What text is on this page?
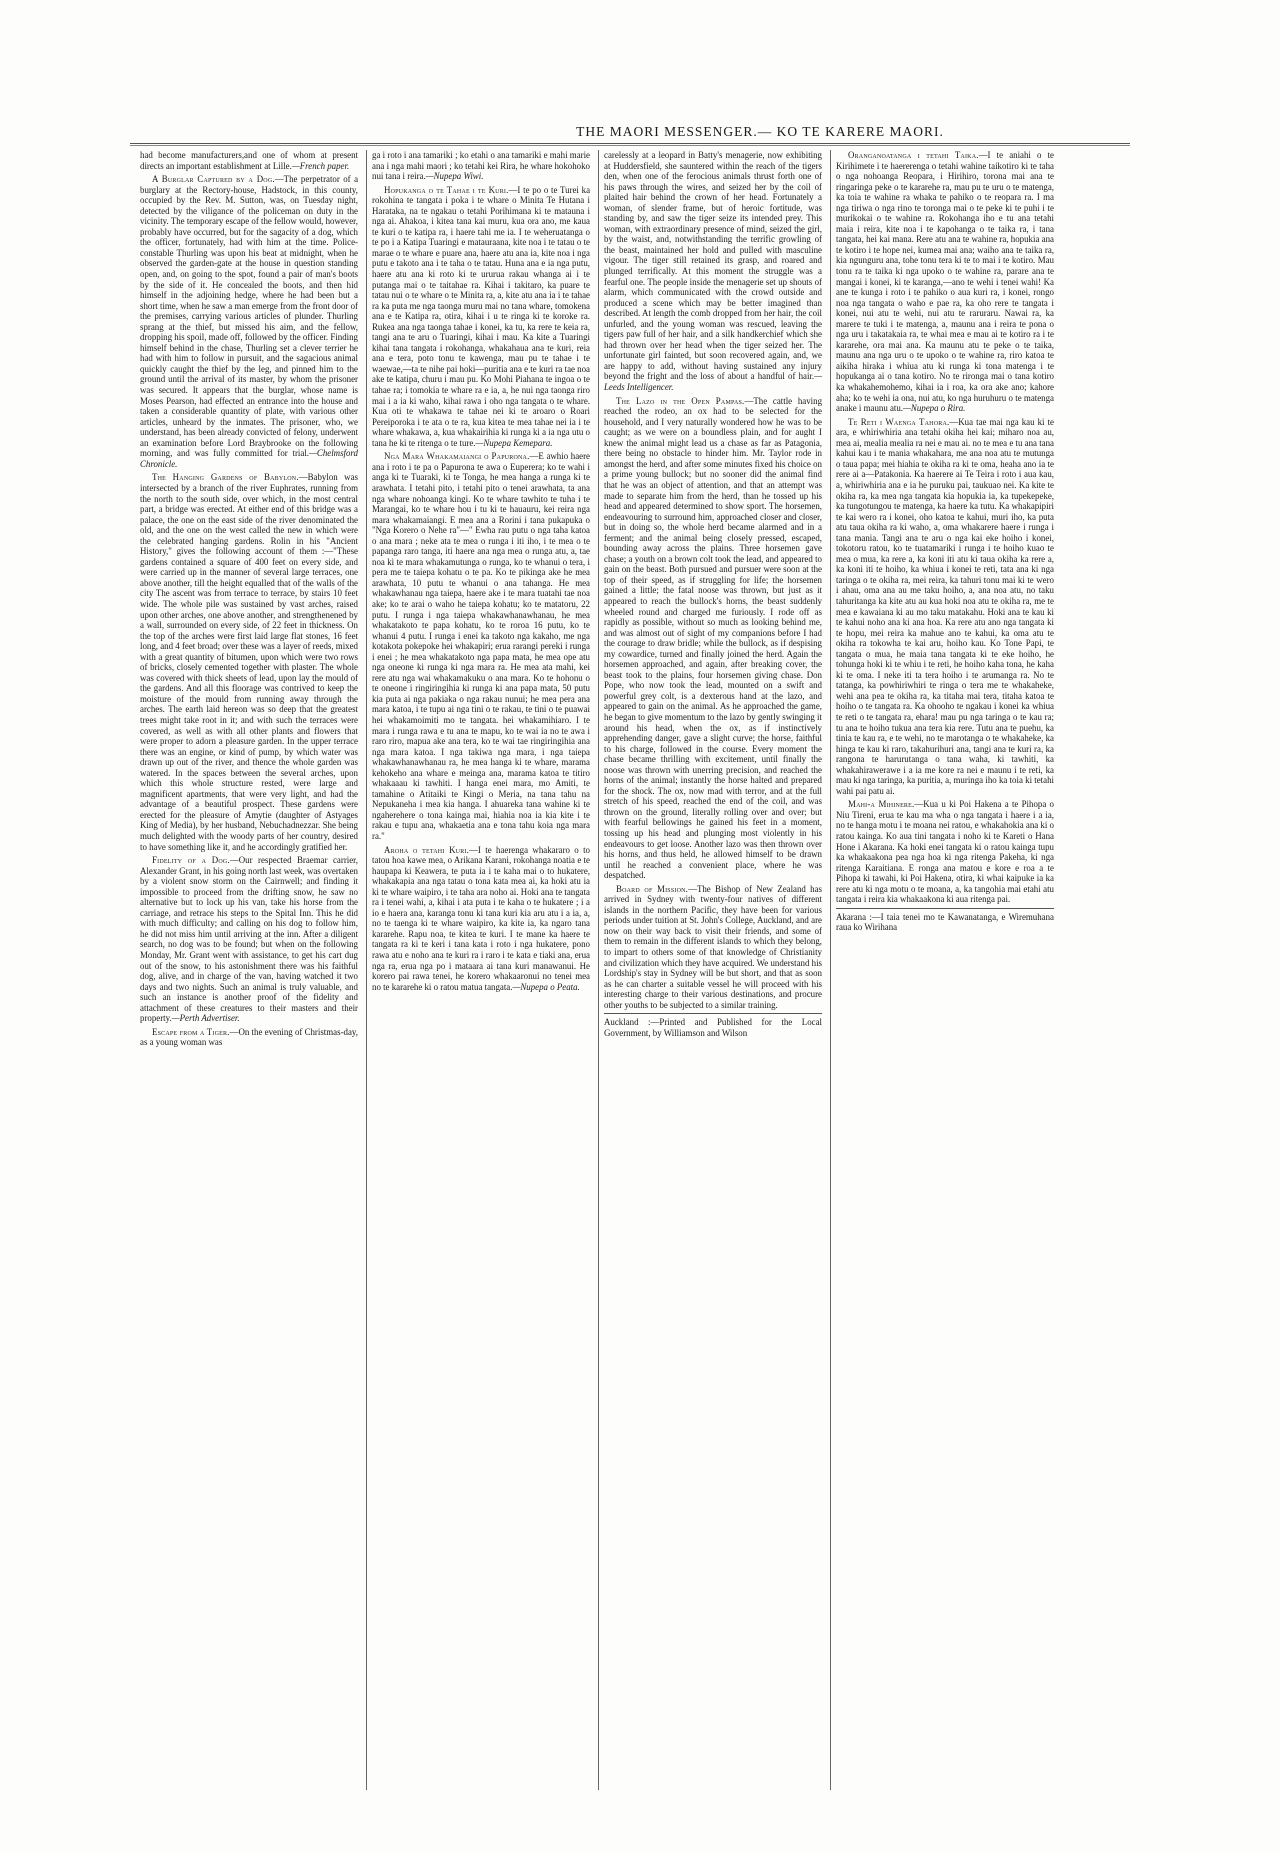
THE MAORI MESSENGER.— KO TE KARERE MAORI.

had become manufacturers,and one of whom at present directs an important establishment at Lille.—French paper.

A Burglar Captured by a Dog.—The perpetrator of a burglary at the Rectory-house, Hadstock, in this county, occupied by the Rev. M. Sutton, was, on Tuesday night, detected by the viligance of the policeman on duty in the vicinity. The temporary escape of the fellow would, however, probably have occurred, but for the sagacity of a dog, which the officer, fortunately, had with him at the time. Police-constable Thurling was upon his beat at midnight, when he observed the garden-gate at the house in question standing open, and, on going to the spot, found a pair of man's boots by the side of it. He concealed the boots, and then hid himself in the adjoining hedge, where he had been but a short time, when he saw a man emerge from the front door of the premises, carrying various articles of plunder. Thurling sprang at the thief, but missed his aim, and the fellow, dropping his spoil, made off, followed by the officer. Finding himself behind in the chase, Thurling set a clever terrier he had with him to follow in pursuit, and the sagacious animal quickly caught the thief by the leg, and pinned him to the ground until the arrival of its master, by whom the prisoner was secured. It appears that the burglar, whose name is Moses Pearson, had effected an entrance into the house and taken a considerable quantity of plate, with various other articles, unheard by the inmates. The prisoner, who, we understand, has been already convicted of felony, underwent an examination before Lord Braybrooke on the following morning, and was fully committed for trial.—Chelmsford Chronicle.

The Hanging Gardens of Babylon.—Babylon was intersected by a branch of the river Euphrates, running from the north to the south side, over which, in the most central part, a bridge was erected. At either end of this bridge was a palace, the one on the east side of the river denominated the old, and the one on the west called the new in which were the celebrated hanging gardens. Rolin in his "Ancient History," gives the following account of them :—"These gardens contained a square of 400 feet on every side, and were carried up in the manner of several large terraces, one above another, till the height equalled that of the walls of the city The ascent was from terrace to terrace, by stairs 10 feet wide. The whole pile was sustained by vast arches, raised upon other arches, one above another, and strengthenened by a wall, surrounded on every side, of 22 feet in thickness. On the top of the arches were first laid large flat stones, 16 feet long, and 4 feet broad; over these was a layer of reeds, mixed with a great quantity of bitumen, upon which were two rows of bricks, closely cemented together with plaster. The whole was covered with thick sheets of lead, upon lay the mould of the gardens. And all this floorage was contrived to keep the moisture of the mould from running away through the arches. The earth laid hereon was so deep that the greatest trees might take root in it; and with such the terraces were covered, as well as with all other plants and flowers that were proper to adorn a pleasure garden. In the upper terrace there was an engine, or kind of pump, by which water was drawn up out of the river, and thence the whole garden was watered. In the spaces between the several arches, upon which this whole structure rested, were large and magnificent apartments, that were very light, and had the advantage of a beautiful prospect. These gardens were erected for the pleasure of Amytie (daughter of Astyages King of Media), by her husband, Nebuchadnezzar. She being much delighted with the woody parts of her country, desired to have something like it, and he accordingly gratified her.

Fidelity of a Dog.—Our respected Braemar carrier, Alexander Grant, in his going north last week, was overtaken by a violent snow storm on the Cairnwell; and finding it impossible to proceed from the drifting snow, he saw no alternative but to lock up his van, take his horse from the carriage, and retrace his steps to the Spital Inn. This he did with much difficulty; and calling on his dog to follow him, he did not miss him until arriving at the inn. After a diligent search, no dog was to be found; but when on the following Monday, Mr. Grant went with assistance, to get his cart dug out of the snow, to his astonishment there was his faithful dog, alive, and in charge of the van, having watched it two days and two nights. Such an animal is truly valuable, and such an instance is another proof of the fidelity and attachment of these creatures to their masters and their property.—Perth Advertiser.

Escape from a Tiger.—On the evening of Christmas-day, as a young woman was

ga i roto i ana tamariki ; ko etahi o ana tamariki e mahi marie ana i nga mahi maori ; ko tetahi kei Rira, he whare hokohoko nui tana i reira.—Nupepa Wiwi.

Hopukanga o te Tahae i te Kuri.—I te po o te Turei ka rokohina te tangata i poka i te whare o Minita Te Hutana i Harataka, na te ngakau o tetahi Porihimana ki te matauna i nga ai. Ahakoa, i kitea tana kai muru, kua ora ano, me kaua te kuri o te katipa ra, i haere tahi me ia. I te weheruatanga o te po i a Katipa Tuaringi e matauraana, kite noa i te tatau o te marae o te whare e puare ana, haere atu ana ia, kite noa i nga putu e takoto ana i te taha o te tatau. Huna ana e ia nga putu, haere atu ana ki roto ki te ururua rakau whanga ai i te putanga mai o te taitahae ra. Kihai i takitaro, ka puare te tatau nui o te whare o te Minita ra, a, kite atu ana ia i te tahae ra ka puta me nga taonga muru mai no tana whare, tomokena ana e te Katipa ra, otira, kihai i u te ringa ki te koroke ra. Rukea ana nga taonga tahae i konei, ka tu, ka rere te keia ra, tangi ana te aru o Tuaringi, kihai i mau. Ka kite a Tuaringi kihai tana tangata i rokohanga, whakahaua ana te kuri, reia ana e tera, poto tonu te kawenga, mau pu te tahae i te waewae,—ta te nihe pai hoki—puritia ana e te kuri ra tae noa ake te katipa, churu i mau pu. Ko Mohi Piahana te ingoa o te tahae ra; i tomokia te whare ra e ia, a, he nui nga taonga riro mai i a ia ki waho, kihai rawa i oho nga tangata o te whare. Kua oti te whakawa te tahae nei ki te aroaro o Roari Pereiporoka i te ata o te ra, kua kitea te mea tahae nei ia i te whare whakawa, a, kua whakairihia ki runga ki a ia nga utu o tana he ki te ritenga o te ture.—Nupepa Kemepara.

Nga Mara Whakamaiangi o Papurona.—E awhio haere ana i roto i te pa o Papurona te awa o Euperera; ko te wahi i anga ki te Tuaraki, ki te Tonga, he mea hanga a runga ki te arawhata. I tetahi pito, i tetahi pito o tenei arawhata, ta ana nga whare nohoanga kingi. Ko te whare tawhito te tuha i te Marangai, ko te whare hou i tu ki te hauauru, kei reira nga mara whakamaiangi. E mea ana a Rorini i tana pukapuka o "Nga Korero o Nehe ra"—" Ewha rau putu o nga taha katoa o ana mara ; neke ata te mea o runga i iti iho, i te mea o te papanga raro tanga, iti haere ana nga mea o runga atu, a, tae noa ki te mara whakamutunga o runga, ko te whanui o tera, i pera me te taiepa kohatu o te pa. Ko te pikinga ake he mea arawhata, 10 putu te whanui o ana tahanga. He mea whakawhanau nga taiepa, haere ake i te mara tuatahi tae noa ake; ko te arai o waho he taiepa kohatu; ko te matatoru, 22 putu. I runga i nga taiepa whakawhanawhanau, he mea whakatakoto te papa kohatu, ko te roroa 16 putu, ko te whanui 4 putu. I runga i enei ka takoto nga kakaho, me nga kotakota pokepoke hei whakapiri; erua rarangi pereki i runga i enei ; he mea whakatakoto nga papa mata, he mea ope atu nga oneone ki runga ki nga mara ra. He mea ata mahi, kei rere atu nga wai whakamakuku o ana mara. Ko te hohonu o te oneone i ringiringihia ki runga ki ana papa mata, 50 putu kia puta ai nga pakiaka o nga rakau nunui; he mea pera ana mara katoa, i te tupu ai nga tini o te rakau, te tini o te puawai hei whakamoimiti mo te tangata. hei whakamihiaro. I te mara i runga rawa e tu ana te mapu, ko te wai ia no te awa i raro riro, mapua ake ana tera, ko te wai tae ringiringihia ana nga mara katoa. I nga takiwa nga mara, i nga taiepa whakawhanawhanau ra, he mea hanga ki te whare, marama kehokeho ana whare e meinga ana, marama katoa te titiro whakaaau ki tawhiti. I hanga enei mara, mo Amiti, te tamahine o Atitaiki te Kingi o Meria, na tana tahu na Nepukaneha i mea kia hanga. I ahuareka tana wahine ki te ngaherehere o tona kainga mai, hiahia noa ia kia kite i te rakau e tupu ana, whakaetia ana e tona tahu koia nga mara ra."

Aroha o tetahi Kuri.—I te haerenga whakararo o to tatou hoa kawe mea, o Arikana Karani, rokohanga noatia e te haupapa ki Keawera, te puta ia i te kaha mai o to hukatere, whakakapia ana nga tatau o tona kata mea ai, ka hoki atu ia ki te whare waipiro, i te taha ara noho ai. Hoki ana te tangata ra i tenei wahi, a, kihai i ata puta i te kaha o te hukatere ; i a io e haera ana, karanga tonu ki tana kuri kia aru atu i a ia, a, no te taenga ki te whare waipiro, ka kite ia, ka ngaro tana kararehe. Rapu noa, te kitea te kuri. I te mane ka haere te tangata ra ki te keri i tana kata i roto i nga hukatere, pono rawa atu e noho ana te kuri ra i raro i te kata e tiaki ana, erua nga ra, erua nga po i mataara ai tana kuri manawanui. He korero pai rawa tenei, he korero whakaaronui no tenei mea no te kararehe ki o ratou matua tangata.—Nupepa o Peata.

carelessly at a leopard in Batty's menagerie, now exhibiting at Huddersfield, she sauntered within the reach of the tigers den, when one of the ferocious animals thrust forth one of his paws through the wires, and seized her by the coil of plaited hair behind the crown of her head. Fortunately a woman, of slender frame, but of heroic fortitude, was standing by, and saw the tiger seize its intended prey. This woman, with extraordinary presence of mind, seized the girl, by the waist, and, notwithstanding the terrific growling of the beast, maintained her hold and pulled with masculine vigour. The tiger still retained its grasp, and roared and plunged terrifically. At this moment the struggle was a fearful one. The people inside the menagerie set up shouts of alarm, which communicated with the crowd outside and produced a scene which may be better imagined than described. At length the comb dropped from her hair, the coil unfurled, and the young woman was rescued, leaving the tigers paw full of her hair, and a silk handkerchief which she had thrown over her head when the tiger seized her. The unfortunate girl fainted, but soon recovered again, and, we are happy to add, without having sustained any injury beyond the fright and the loss of about a handful of hair.—Leeds Intelligencer.

The Lazo in the Open Pampas.—The cattle having reached the rodeo, an ox had to be selected for the household, and I very naturally wondered how he was to be caught; as we were on a boundless plain, and for aught I knew the animal might lead us a chase as far as Patagonia, there being no obstacle to hinder him. Mr. Taylor rode in amongst the herd, and after some minutes fixed his choice on a prime young bullock; but no sooner did the animal find that he was an object of attention, and that an attempt was made to separate him from the herd, than he tossed up his head and appeared determined to show sport. The horsemen, endeavouring to surround him, approached closer and closer, but in doing so, the whole herd became alarmed and in a ferment; and the animal being closely pressed, escaped, bounding away across the plains. Three horsemen gave chase; a youth on a brown colt took the lead, and appeared to gain on the beast. Both pursued and pursuer were soon at the top of their speed, as if struggling for life; the horsemen gained a little; the fatal noose was thrown, but just as it appeared to reach the bullock's horns, the beast suddenly wheeled round and charged me furiously. I rode off as rapidly as possible, without so much as looking behind me, and was almost out of sight of my companions before I had the courage to draw bridle; while the bullock, as if despising my cowardice, turned and finally joined the herd. Again the horsemen approached, and again, after breaking cover, the beast took to the plains, four horsemen giving chase. Don Pope, who now took the lead, mounted on a swift and powerful grey colt, is a dexterous hand at the lazo, and appeared to gain on the animal. As he approached the game, he began to give momentum to the lazo by gently swinging it around his head, when the ox, as if instinctively apprehending danger, gave a slight curve; the horse, faithful to his charge, followed in the course. Every moment the chase became thrilling with excitement, until finally the noose was thrown with unerring precision, and reached the horns of the animal; instantly the horse halted and prepared for the shock. The ox, now mad with terror, and at the full stretch of his speed, reached the end of the coil, and was thrown on the ground, literally rolling over and over; but with fearful bellowings he gained his feet in a moment, tossing up his head and plunging most violently in his endeavours to get loose. Another lazo was then thrown over his horns, and thus held, he allowed himself to be drawn until he reached a convenient place, where he was despatched.

Board of Mission.—The Bishop of New Zealand has arrived in Sydney with twenty-four natives of different islands in the northern Pacific, they have been for various periods under tuition at St. John's College, Auckland, and are now on their way back to visit their friends, and some of them to remain in the different islands to which they belong, to impart to others some of that knowledge of Christianity and civilization which they have acquired. We understand his Lordship's stay in Sydney will be but short, and that as soon as he can charter a suitable vessel he will proceed with his interesting charge to their various destinations, and procure other youths to be subjected to a similar training.

Auckland :—Printed and Published for the Local Government, by Williamson and Wilson

Oranganoatanga i tetahi Taika.—I te aniahi o te Kirihimete i te haererenga o tetahi wahine taikotiro ki te taha o nga nohoanga Reopara, i Hirihiro, torona mai ana te ringaringa peke o te kararehe ra, mau pu te uru o te matenga, ka toia te wahine ra whaka te pahiko o te reopara ra. I ma nga tiriwa o nga rino te toronga mai o te peke ki te puhi i te murikokai o te wahine ra. Rokohanga iho e tu ana tetahi maia i reira, kite noa i te kapohanga o te taika ra, i tana tangata, hei kai mana. Rere atu ana te wahine ra, hopukia ana te kotiro i te hope nei, kumea mai ana; waiho ana te taika ra, kia ngunguru ana, tohe tonu tera ki te to mai i te kotiro. Mau tonu ra te taika ki nga upoko o te wahine ra, parare ana te mangai i konei, ki te karanga,—ano te wehi i tenei wahi! Ka ane te kunga i roto i te pahiko o aua kuri ra, i konei, rongo noa nga tangata o waho e pae ra, ka oho rere te tangata i konei, nui atu te wehi, nui atu te raruraru. Nawai ra, ka marere te tuki i te matenga, a, maunu ana i reira te pona o nga uru i takatakaia ra, te whai mea e mau ai te kotiro ra i te kararehe, ora mai ana. Ka maunu atu te peke o te taika, maunu ana nga uru o te upoko o te wahine ra, riro katoa te aikiha hiraka i whiua atu ki runga ki tona matenga i te hopukanga ai o tana kotiro. No te rironga mai o tana kotiro ka whakahemohemo, kihai ia i roa, ka ora ake ano; kahore aha; ko te wehi ia ona, nui atu, ko nga huruhuru o te matenga anake i maunu atu.—Nupepa o Rira.

Te Reti i Waenga Tahora.—Kua tae mai nga kau ki te ara, e whiriwhiria ana tetahi okiha hei kai; miharo noa au, mea ai, mealia mealia ra nei e mau ai. no te mea e tu ana tana kahui kau i te mania whakahara, me ana noa atu te mutunga o taua papa; mei hiahia te okiha ra ki te oma, heaha ano ia te rere ai a—Patakonia. Ka haerere ai Te Teira i roto i aua kau, a, whiriwhiria ana e ia he puruku pai, taukuao nei. Ka kite te okiha ra, ka mea nga tangata kia hopukia ia, ka tupekepeke, ka tungotungou te matenga, ka haere ka tutu. Ka whakapipiri te kai wero ra i konei, oho katoa te kahui, muri iho, ka puta atu taua okiha ra ki waho, a, oma whakarere haere i runga i tana mania. Tangi ana te aru o nga kai eke hoiho i konei, tokotoru ratou, ko te tuatamariki i runga i te hoiho kuao te mea o mua, ka rere a, ka koni iti atu ki taua okiha ka rere a, ka koni iti te hoiho, ka whiua i konei te reti, tata ana ki nga taringa o te okiha ra, mei reira, ka tahuri tonu mai ki te wero i ahau, oma ana au me taku hoiho, a, ana noa atu, no taku tahuritanga ka kite atu au kua hoki noa atu te okiha ra, me te mea e kawaiana ki au mo taku matakahu. Hoki ana te kau ki te kahui noho ana ki ana hoa. Ka rere atu ano nga tangata ki te hopu, mei reira ka mahue ano te kahui, ka oma atu te okiha ra tokowha te kai aru, hoiho kau. Ko Tone Papi, te tangata o mua, he maia tana tangata ki te eke hoiho, he tohunga hoki ki te whiu i te reti, he hoiho kaha tona, he kaha ki te oma. I neke iti ta tera hoiho i te arumanga ra. No te tatanga, ka powhiriwhiri te ringa o tera me te whakaheke, wehi ana pea te okiha ra, ka titaha mai tera, titaha katoa te hoiho o te tangata ra. Ka ohooho te ngakau i konei ka whiua te reti o te tangata ra, ehara! mau pu nga taringa o te kau ra; tu ana te hoiho tukua ana tera kia rere. Tutu ana te puehu, ka tinia te kau ra, e te wehi, no te marotanga o te whakaheke, ka hinga te kau ki raro, takahurihuri ana, tangi ana te kuri ra, ka rangona te harurutanga o tana waha, ki tawhiti, ka whakahirawerawe i a ia me kore ra nei e maunu i te reti, ka mau ki nga taringa, ka puritia, a, muringa iho ka toia ki tetahi wahi pai patu ai.

Mahi-a Mihinere.—Kua u ki Poi Hakena a te Pihopa o Niu Tireni, erua te kau ma wha o nga tangata i haere i a ia, no te hanga motu i te moana nei ratou, e whakahokia ana ki o ratou kainga. Ko aua tini tangata i noho ki te Kareti o Hana Hone i Akarana. Ka hoki enei tangata ki o ratou kainga tupu ka whakaakona pea nga hoa ki nga ritenga Pakeha, ki nga ritenga Karaitiana. E ronga ana matou e kore e roa a te Pihopa ki tawahi, ki Poi Hakena, otira, ki whai kaipuke ia ka rere atu ki nga motu o te moana, a, ka tangohia mai etahi atu tangata i reira kia whakaakona ki aua ritenga pai.

Akarana :—I taia tenei mo te Kawanatanga, e Wiremuhana raua ko Wirihana
